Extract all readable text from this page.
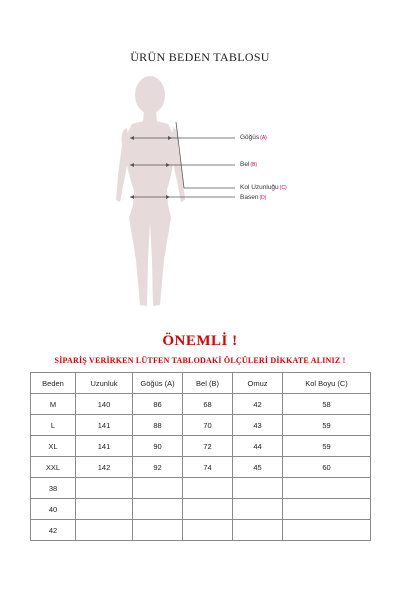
ÜRÜN BEDEN TABLOSU
Göğüs(A)
Bel(B)
Kol Uzunluğu(C)
Basen(D)
ÖNEMLİ !
SİPARİŞ VERİRKEN LÜTFEN TABLODAKİ ÖLÇÜLERİ DİKKATE ALINIZ !
Beden	Uzunluk	Göğüs (A)	Bel (B)	Omuz	Kol Boyu (C)
M	140	86	68	42	58
L	141	88	70	43	59
XL	141	90	72	44	59
XXL	142	92	74	45	60
38					
40					
42					
